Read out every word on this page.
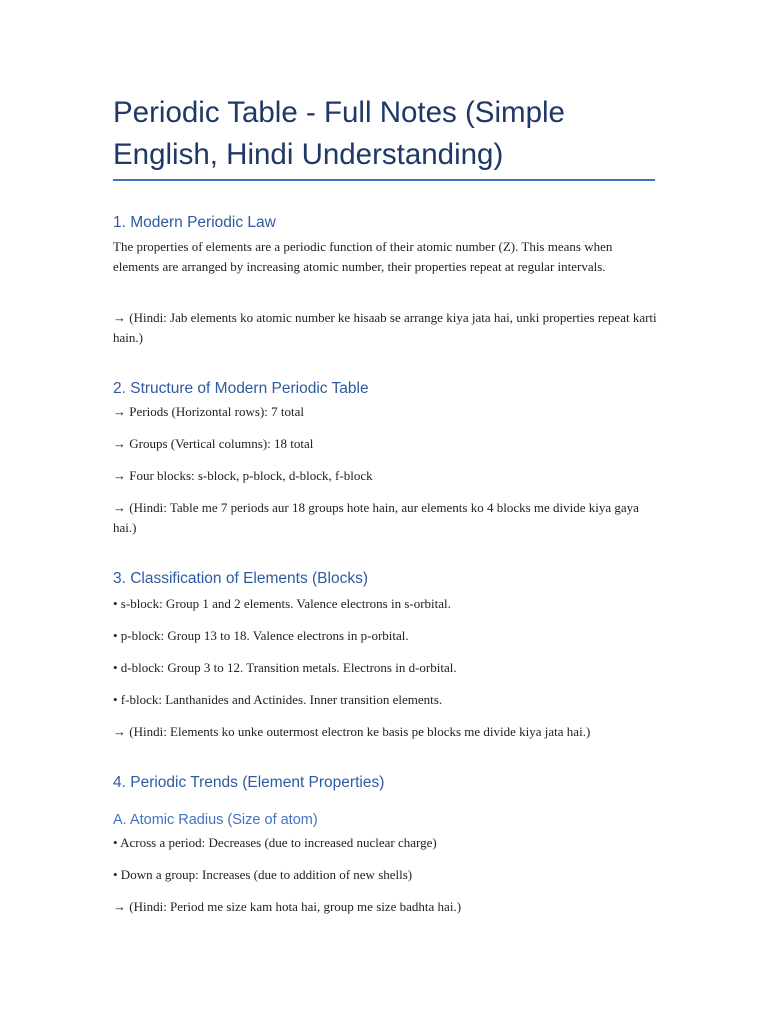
Periodic Table - Full Notes (Simple English, Hindi Understanding)
1. Modern Periodic Law

The properties of elements are a periodic function of their atomic number (Z). This means when elements are arranged by increasing atomic number, their properties repeat at regular intervals.

→ (Hindi: Jab elements ko atomic number ke hisaab se arrange kiya jata hai, unki properties repeat karti hain.)

2. Structure of Modern Periodic Table

→ Periods (Horizontal rows): 7 total

→ Groups (Vertical columns): 18 total

→ Four blocks: s-block, p-block, d-block, f-block

→ (Hindi: Table me 7 periods aur 18 groups hote hain, aur elements ko 4 blocks me divide kiya gaya hai.)

3. Classification of Elements (Blocks)

• s-block: Group 1 and 2 elements. Valence electrons in s-orbital.

• p-block: Group 13 to 18. Valence electrons in p-orbital.

• d-block: Group 3 to 12. Transition metals. Electrons in d-orbital.

• f-block: Lanthanides and Actinides. Inner transition elements.

→ (Hindi: Elements ko unke outermost electron ke basis pe blocks me divide kiya jata hai.)

4. Periodic Trends (Element Properties)
A. Atomic Radius (Size of atom)

• Across a period: Decreases (due to increased nuclear charge)

• Down a group: Increases (due to addition of new shells)

→ (Hindi: Period me size kam hota hai, group me size badhta hai.)
